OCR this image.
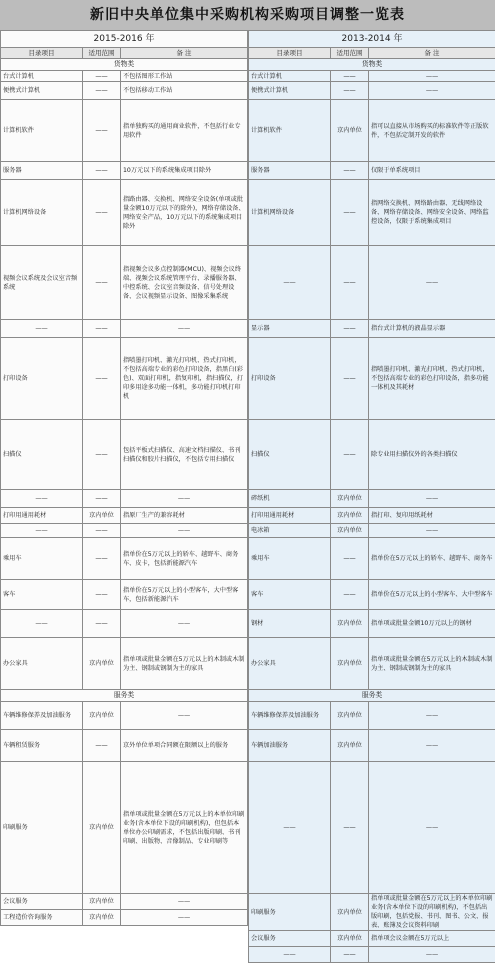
新旧中央单位集中采购机构采购项目调整一览表
2015-2016 年		
目录项目	适用范围	备 注
货物类		
台式计算机	——	不包括图形工作站
便携式计算机	——	不包括移动工作站
计算机软件	——	指单独购买的通用商业软件，不包括行业专用软件
服务器	——	10万元以下的系统集成项目除外
计算机网络设备	——	指路由器、交换机、网络安全设备(单项或批量金额10万元以下的除外)，网络存储设备、网络安全产品，10万元以下的系统集成项目除外
视频会议系统及会议室音频系统	——	指视频会议多点控制器(MCU)、视频会议终端、视频会议系统管理平台、录播服务器、中控系统、会议室音频设备、信号处理设备、会议视频显示设备、图像采集系统
——	——	——
打印设备	——	指喷墨打印机、激光打印机、热式打印机，不包括高端专业的彩色打印设备，指黑白(彩色)、双面打印机，指复印机，指扫描仪，打印多用途多功能一体机，多功能打印机打印机
扫描仪	——	包括平板式扫描仪、高速文档扫描仪、书刊扫描仪和胶片扫描仪，不包括专用扫描仪
——	——	——
打印用通用耗材	京内单位	指原厂生产的兼容耗材
——	——	——
乘用车	——	指单价在5万元以上的轿车、越野车、商务车、皮卡，包括新能源汽车
客车	——	指单价在5万元以上的小型客车，大中型客车，包括新能源汽车
——	——	——
办公家具	京内单位	指单项或批量金额在5万元以上的木制或木制为主、钢制或钢制为主的家具
服务类		
车辆维修保养及加油服务	京内单位	——
车辆租赁服务	——	京外单位单项合同额在限额以上的服务
印刷服务	京内单位	指单项或批量金额在5万元以上的本单位印刷业务(含本单位下设的印刷机构)，但包括本单位办公印刷需求，不包括出版印刷、书刊印刷、出版物、音像制品、专业印刷等
会议服务	京内单位	——
工程造价咨询服务	京内单位	——
2013-2014 年		
目录项目	适用范围	备 注
货物类		
台式计算机	——	——
便携式计算机	——	——
计算机软件	京内单位	指可以直接从市场购买的标准软件等正版软件，不包括定制开发的软件
服务器	——	仅限于单系统项目
计算机网络设备	——	指网络交换机、网络路由器、无线网络设备、网络存储设备、网络安全设备、网络监控设备，仅限于系统集成项目
——	——	——
显示器	——	指台式计算机的液晶显示器
打印设备	——	指喷墨打印机、激光打印机、热式打印机，不包括高端专业的彩色打印设备，指多功能一体机及其耗材
扫描仪	——	除专业用扫描仪外的各类扫描仪
碎纸机	京内单位	——
打印用通用耗材	京内单位	指打印、复印用纸耗材
电冰箱	京内单位	——
乘用车	——	指单价在5万元以上的轿车、越野车、商务车
客车	——	指单价在5万元以上的小型客车、大中型客车
钢材	京内单位	指单项或批量金额10万元以上的钢材
办公家具	京内单位	指单项或批量金额在5万元以上的木制或木制为主、钢制或钢制为主的家具
服务类		
车辆维修保养及加油服务	京内单位	——
车辆加油服务	京内单位	——
——	——	——
印刷服务	京内单位	指单项或批量金额在5万元以上的本单位印刷业务(含本单位下设的印刷机构)，不包括出版印刷，包括党报、书刊、图书、公文、报表、账簿及会议资料印刷
会议服务	京内单位	指单项会议金额在5万元以上
——	——	——
